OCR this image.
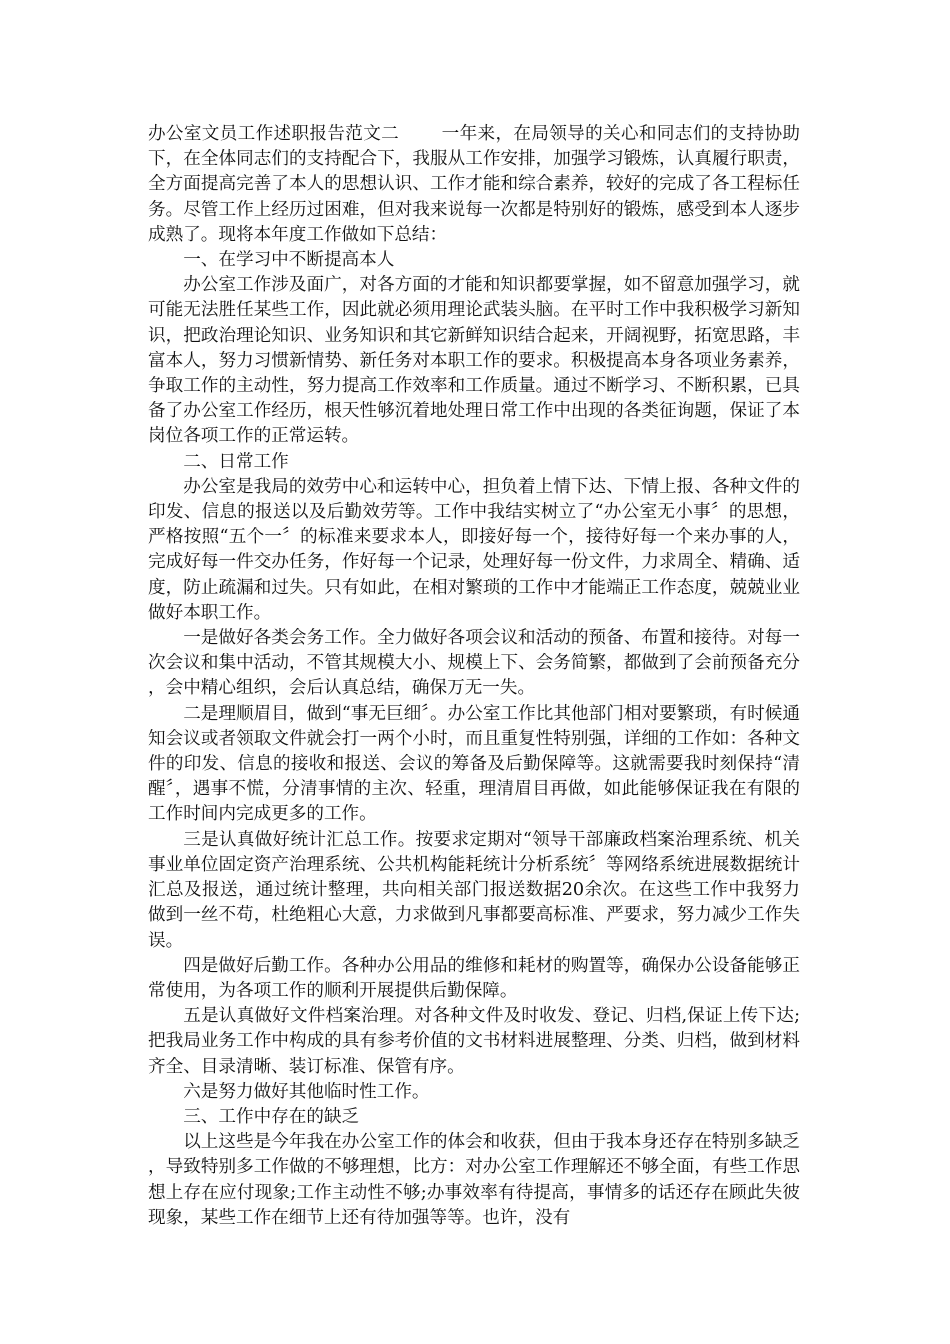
办公室文员工作述职报告范文二 一年来，在局领导的关心和同志们的支持协助下，在全体同志们的支持配合下，我服从工作安排，加强学习锻炼，认真履行职责，全方面提高完善了本人的思想认识、工作才能和综合素养，较好的完成了各工程标任务。尽管工作上经历过困难，但对我来说每一次都是特别好的锻炼，感受到本人逐步成熟了。现将本年度工作做如下总结：

一、在学习中不断提高本人

办公室工作涉及面广，对各方面的才能和知识都要掌握，如不留意加强学习，就可能无法胜任某些工作，因此就必须用理论武装头脑。在平时工作中我积极学习新知识，把政治理论知识、业务知识和其它新鲜知识结合起来，开阔视野，拓宽思路，丰富本人，努力习惯新情势、新任务对本职工作的要求。积极提高本身各项业务素养，争取工作的主动性，努力提高工作效率和工作质量。通过不断学习、不断积累，已具备了办公室工作经历，根天性够沉着地处理日常工作中出现的各类征询题，保证了本岗位各项工作的正常运转。

二、日常工作

办公室是我局的效劳中心和运转中心，担负着上情下达、下情上报、各种文件的印发、信息的报送以及后勤效劳等。工作中我结实树立了“办公室无小事〞的思想，严格按照“五个一〞的标准来要求本人，即接好每一个，接待好每一个来办事的人，完成好每一件交办任务，作好每一个记录，处理好每一份文件，力求周全、精确、适度，防止疏漏和过失。只有如此，在相对繁琐的工作中才能端正工作态度，兢兢业业做好本职工作。

一是做好各类会务工作。全力做好各项会议和活动的预备、布置和接待。对每一次会议和集中活动，不管其规模大小、规模上下、会务简繁，都做到了会前预备充分，会中精心组织，会后认真总结，确保万无一失。

二是理顺眉目，做到“事无巨细〞。办公室工作比其他部门相对要繁琐，有时候通知会议或者领取文件就会打一两个小时，而且重复性特别强，详细的工作如：各种文件的印发、信息的接收和报送、会议的筹备及后勤保障等。这就需要我时刻保持“清醒〞，遇事不慌，分清事情的主次、轻重，理清眉目再做，如此能够保证我在有限的工作时间内完成更多的工作。

三是认真做好统计汇总工作。按要求定期对“领导干部廉政档案治理系统、机关事业单位固定资产治理系统、公共机构能耗统计分析系统〞等网络系统进展数据统计汇总及报送，通过统计整理，共向相关部门报送数据20余次。在这些工作中我努力做到一丝不苟，杜绝粗心大意，力求做到凡事都要高标准、严要求，努力减少工作失误。

四是做好后勤工作。各种办公用品的维修和耗材的购置等，确保办公设备能够正常使用，为各项工作的顺利开展提供后勤保障。

五是认真做好文件档案治理。对各种文件及时收发、登记、归档,保证上传下达;把我局业务工作中构成的具有参考价值的文书材料进展整理、分类、归档，做到材料齐全、目录清晰、装订标准、保管有序。

六是努力做好其他临时性工作。

三、工作中存在的缺乏

以上这些是今年我在办公室工作的体会和收获，但由于我本身还存在特别多缺乏，导致特别多工作做的不够理想，比方：对办公室工作理解还不够全面，有些工作思想上存在应付现象;工作主动性不够;办事效率有待提高，事情多的话还存在顾此失彼现象，某些工作在细节上还有待加强等等。也许，没有
